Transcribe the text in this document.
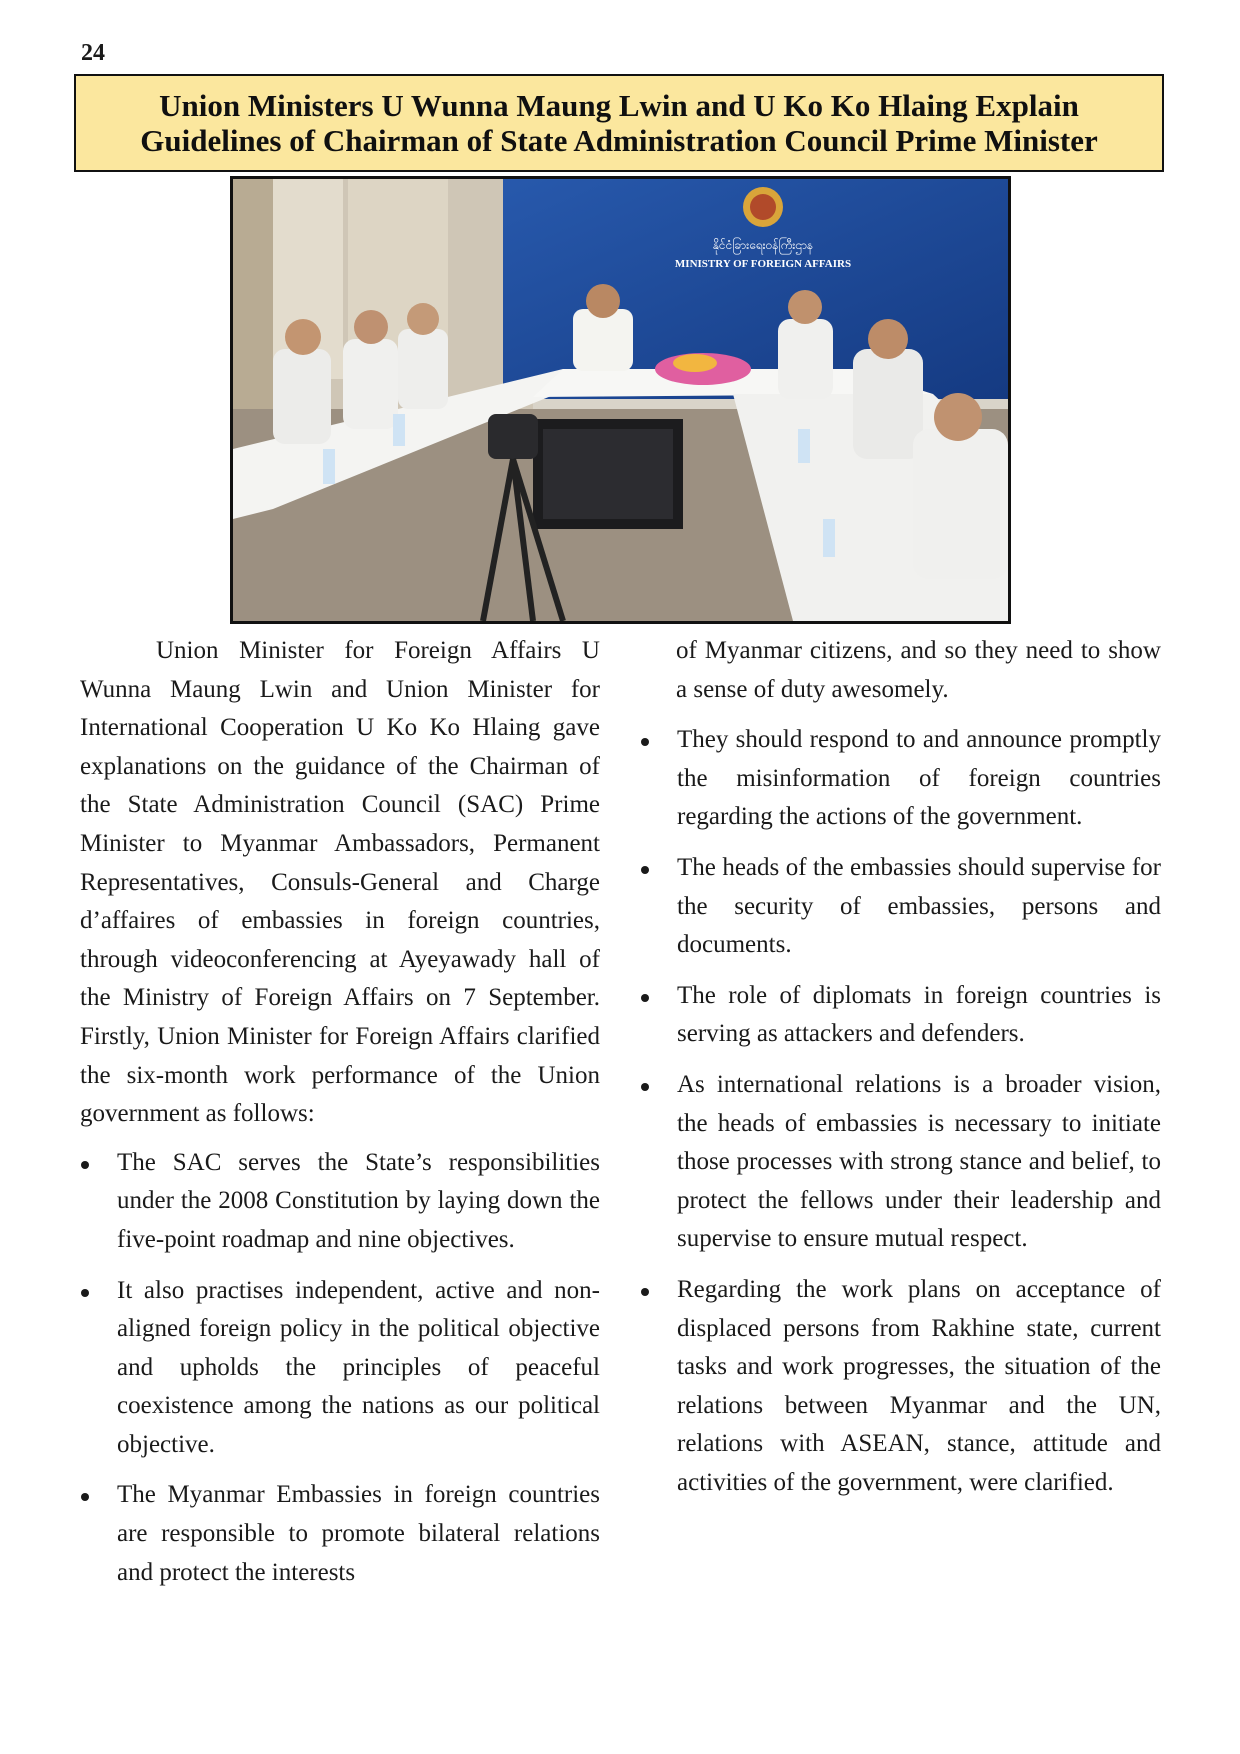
24
Union Ministers U Wunna Maung Lwin and U Ko Ko Hlaing Explain
Guidelines of Chairman of State Administration Council Prime Minister
နိုင်ငံခြားရေးဝန်ကြီးဌာန
MINISTRY OF FOREIGN AFFAIRS

Union Minister for Foreign Affairs U Wunna Maung Lwin and Union Minister for International Cooperation U Ko Ko Hlaing gave explanations on the guidance of the Chairman of the State Administration Council (SAC) Prime Minister to Myanmar Ambassadors, Permanent Representatives, Consuls-General and Charge d’affaires of embassies in foreign countries, through videoconferencing at Ayeyawady hall of the Ministry of Foreign Affairs on 7 September. Firstly, Union Minister for Foreign Affairs clarified the six-month work performance of the Union government as follows:

The SAC serves the State’s responsibilities under the 2008 Constitution by laying down the five-point roadmap and nine objectives.
It also practises independent, active and non-aligned foreign policy in the political objective and upholds the principles of peaceful coexistence among the nations as our political objective.
The Myanmar Embassies in foreign countries are responsible to promote bilateral relations and protect the interests

of Myanmar citizens, and so they need to show a sense of duty awesomely.

They should respond to and announce promptly the misinformation of foreign countries regarding the actions of the government.
The heads of the embassies should supervise for the security of embassies, persons and documents.
The role of diplomats in foreign countries is serving as attackers and defenders.
As international relations is a broader vision, the heads of embassies is necessary to initiate those processes with strong stance and belief, to protect the fellows under their leadership and supervise to ensure mutual respect.
Regarding the work plans on acceptance of displaced persons from Rakhine state, current tasks and work progresses, the situation of the relations between Myanmar and the UN, relations with ASEAN, stance, attitude and activities of the government, were clarified.
